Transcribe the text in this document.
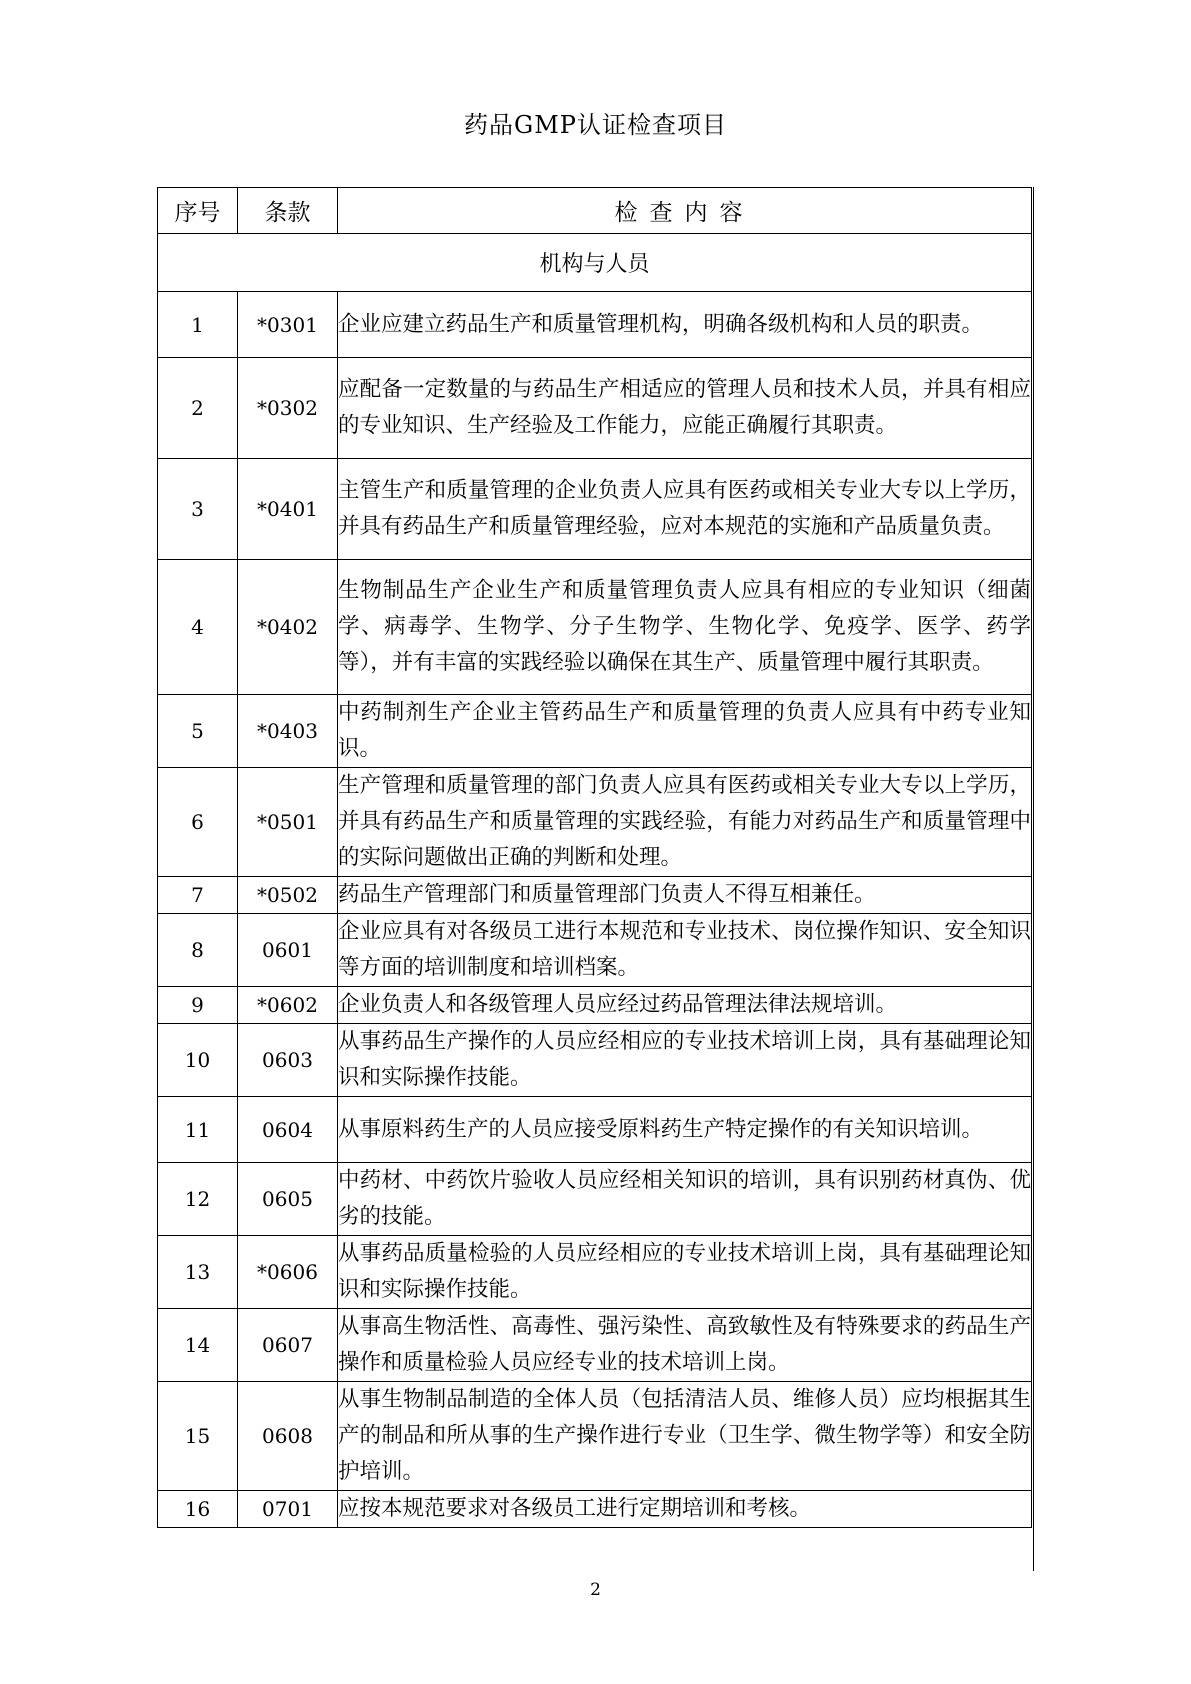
药品GMP认证检查项目
序号	条款	检查内容
机构与人员		
1	*0301	企业应建立药品生产和质量管理机构，明确各级机构和人员的职责。
2	*0302	应配备一定数量的与药品生产相适应的管理人员和技术人员，并具有相应的专业知识、生产经验及工作能力，应能正确履行其职责。
3	*0401	主管生产和质量管理的企业负责人应具有医药或相关专业大专以上学历，并具有药品生产和质量管理经验，应对本规范的实施和产品质量负责。
4	*0402	生物制品生产企业生产和质量管理负责人应具有相应的专业知识（细菌学、病毒学、生物学、分子生物学、生物化学、免疫学、医学、药学等），并有丰富的实践经验以确保在其生产、质量管理中履行其职责。
5	*0403	中药制剂生产企业主管药品生产和质量管理的负责人应具有中药专业知识。
6	*0501	生产管理和质量管理的部门负责人应具有医药或相关专业大专以上学历，并具有药品生产和质量管理的实践经验，有能力对药品生产和质量管理中的实际问题做出正确的判断和处理。
7	*0502	药品生产管理部门和质量管理部门负责人不得互相兼任。
8	0601	企业应具有对各级员工进行本规范和专业技术、岗位操作知识、安全知识等方面的培训制度和培训档案。
9	*0602	企业负责人和各级管理人员应经过药品管理法律法规培训。
10	0603	从事药品生产操作的人员应经相应的专业技术培训上岗，具有基础理论知识和实际操作技能。
11	0604	从事原料药生产的人员应接受原料药生产特定操作的有关知识培训。
12	0605	中药材、中药饮片验收人员应经相关知识的培训，具有识别药材真伪、优劣的技能。
13	*0606	从事药品质量检验的人员应经相应的专业技术培训上岗，具有基础理论知识和实际操作技能。
14	0607	从事高生物活性、高毒性、强污染性、高致敏性及有特殊要求的药品生产操作和质量检验人员应经专业的技术培训上岗。
15	0608	从事生物制品制造的全体人员（包括清洁人员、维修人员）应均根据其生产的制品和所从事的生产操作进行专业（卫生学、微生物学等）和安全防护培训。
16	0701	应按本规范要求对各级员工进行定期培训和考核。
2
